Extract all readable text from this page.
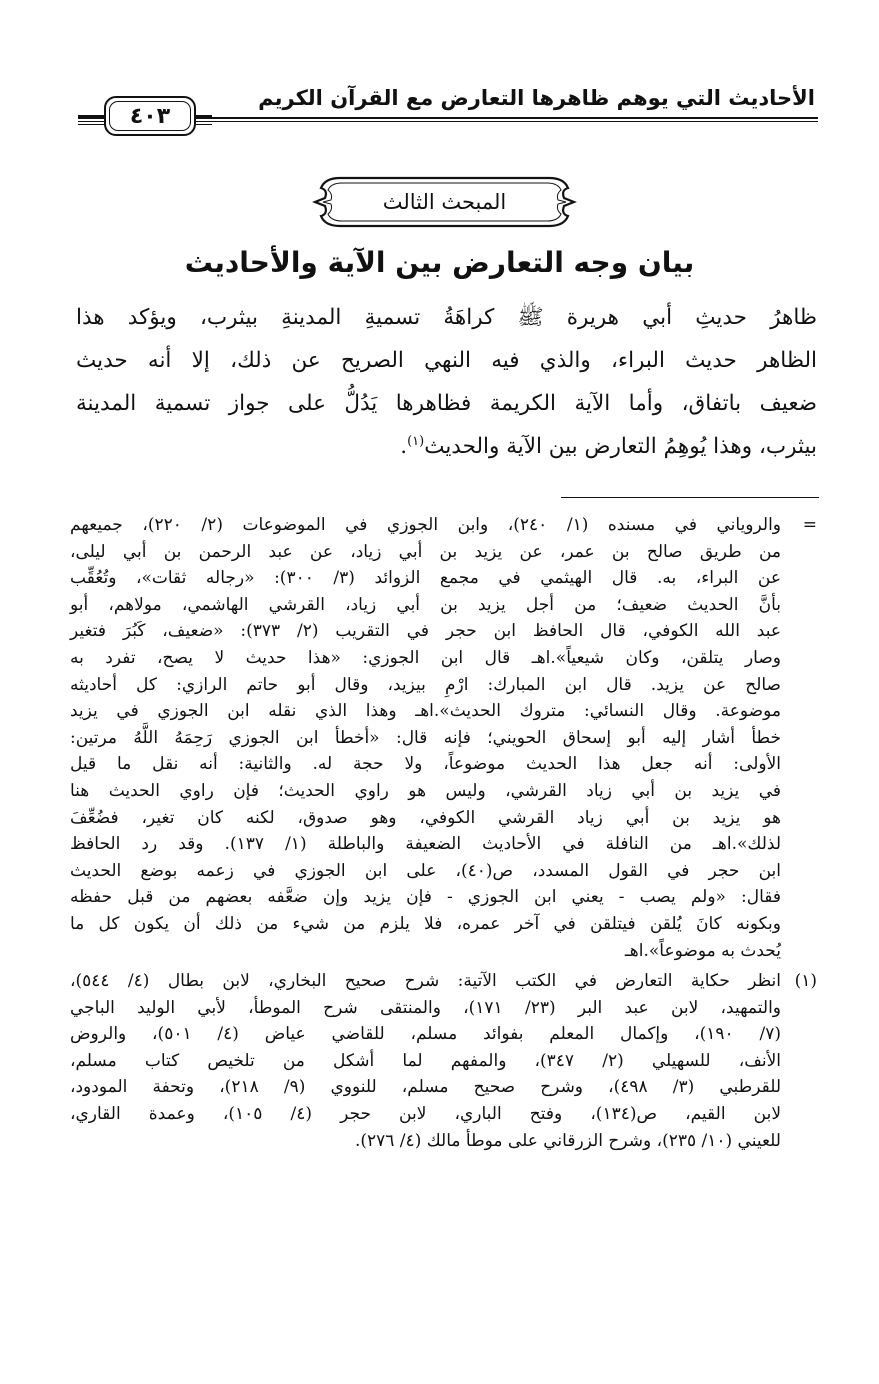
الأحاديث التي يوهم ظاهرها التعارض مع القرآن الكريم
٤٠٣
المبحث الثالث
بيان وجه التعارض بين الآية والأحاديث
ظاهرُ حديثِ أبي هريرة ﷺ كراهَةُ تسميةِ المدينةِ بيثرب، ويؤكد هذا
الظاهر حديث البراء، والذي فيه النهي الصريح عن ذلك، إلا أنه حديث
ضعيف باتفاق، وأما الآية الكريمة فظاهرها يَدُلُّ على جواز تسمية المدينة
بيثرب، وهذا يُوهِمُ التعارض بين الآية والحديث$^{(١)}$.
=
والروياني في مسنده (١/ ٢٤٠)، وابن الجوزي في الموضوعات (٢/ ٢٢٠)، جميعهم
من طريق صالح بن عمر، عن يزيد بن أبي زياد، عن عبد الرحمن بن أبي ليلى،
عن البراء، به. قال الهيثمي في مجمع الزوائد (٣/ ٣٠٠): «رجاله ثقات»، وتُعُقِّب
بأنَّ الحديث ضعيف؛ من أجل يزيد بن أبي زياد، القرشي الهاشمي، مولاهم، أبو
عبد الله الكوفي، قال الحافظ ابن حجر في التقريب (٢/ ٣٧٣): «ضعيف، كَبُرَ فتغير
وصار يتلقن، وكان شيعياً».اهـ قال ابن الجوزي: «هذا حديث لا يصح، تفرد به
صالح عن يزيد. قال ابن المبارك: ارْمِ بيزيد، وقال أبو حاتم الرازي: كل أحاديثه
موضوعة. وقال النسائي: متروك الحديث».اهـ وهذا الذي نقله ابن الجوزي في يزيد
خطأ أشار إليه أبو إسحاق الحويني؛ فإنه قال: «أخطأ ابن الجوزي رَحِمَهُ اللَّهُ مرتين:
الأولى: أنه جعل هذا الحديث موضوعاً، ولا حجة له. والثانية: أنه نقل ما قيل
في يزيد بن أبي زياد القرشي، وليس هو راوي الحديث؛ فإن راوي الحديث هنا
هو يزيد بن أبي زياد القرشي الكوفي، وهو صدوق، لكنه كان تغير، فضُعِّفَ
لذلك».اهـ من النافلة في الأحاديث الضعيفة والباطلة (١/ ١٣٧). وقد رد الحافظ
ابن حجر في القول المسدد، ص(٤٠)، على ابن الجوزي في زعمه بوضع الحديث
فقال: «ولم يصب - يعني ابن الجوزي - فإن يزيد وإن ضعَّفه بعضهم من قبل حفظه
وبكونه كانَ يُلقن فيتلقن في آخر عمره، فلا يلزم من شيء من ذلك أن يكون كل ما
يُحدث به موضوعاً».اهـ
(١)
انظر حكاية التعارض في الكتب الآتية: شرح صحيح البخاري، لابن بطال (٤/ ٥٤٤)،
والتمهيد، لابن عبد البر (٢٣/ ١٧١)، والمنتقى شرح الموطأ، لأبي الوليد الباجي
(٧/ ١٩٠)، وإكمال المعلم بفوائد مسلم، للقاضي عياض (٤/ ٥٠١)، والروض
الأنف، للسهيلي (٢/ ٣٤٧)، والمفهم لما أشكل من تلخيص كتاب مسلم،
للقرطبي (٣/ ٤٩٨)، وشرح صحيح مسلم، للنووي (٩/ ٢١٨)، وتحفة المودود،
لابن القيم، ص(١٣٤)، وفتح الباري، لابن حجر (٤/ ١٠٥)، وعمدة القاري،
للعيني (١٠/ ٢٣٥)، وشرح الزرقاني على موطأ مالك (٤/ ٢٧٦).
